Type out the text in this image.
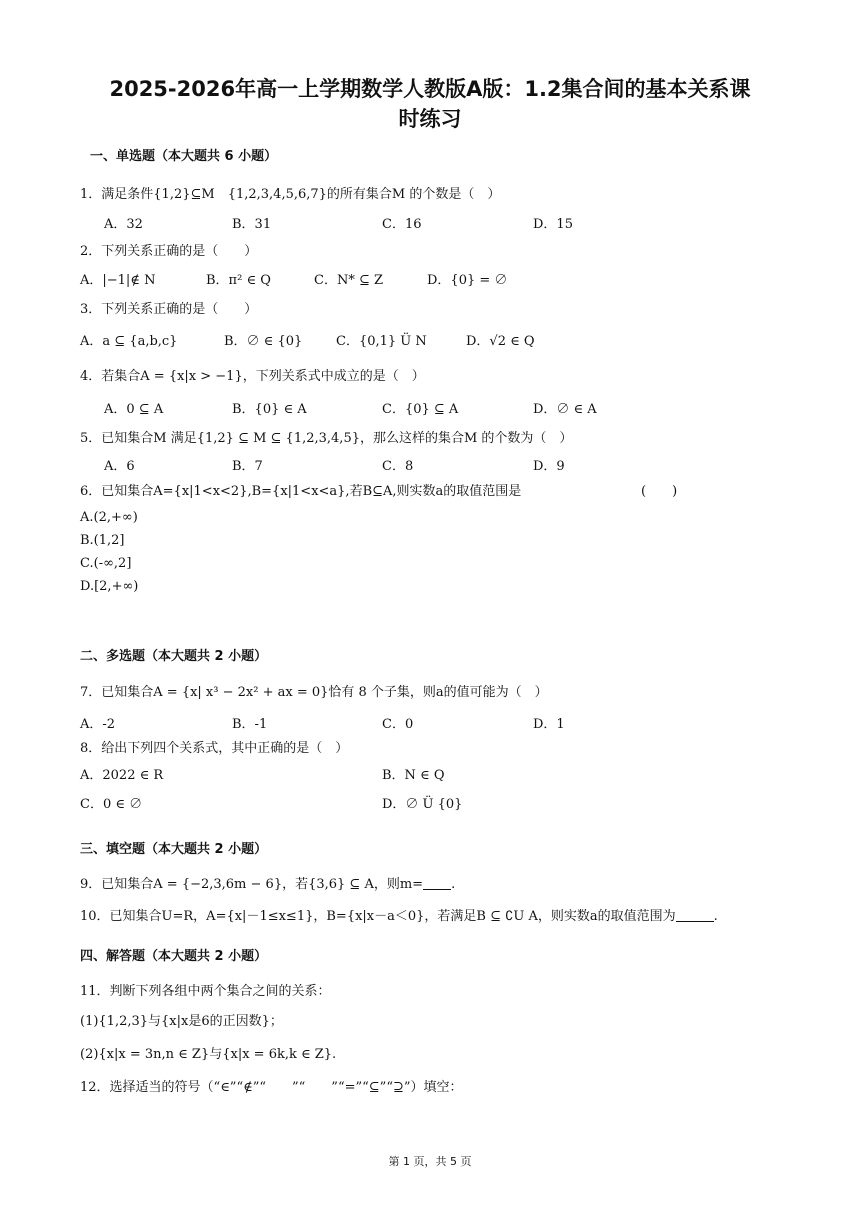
2025-2026年高一上学期数学人教版A版：1.2集合间的基本关系课
时练习
一、单选题（本大题共 6 小题）
1．满足条件{1,2}⊆M　{1,2,3,4,5,6,7}的所有集合M 的个数是（　）
A．32	B．31	C．16	D．15
2．下列关系正确的是（　　）
A．|−1|∉ N	B．π² ∈ Q	C．N* ⊆ Z	D．{0} = ∅
3．下列关系正确的是（　　）
A．a ⊆ {a,b,c}	B．∅ ∈ {0}	C．{0,1} Ü N	D．√2 ∈ Q
4．若集合A = {x|x > −1}，下列关系式中成立的是（　）
A．0 ⊆ A	B．{0} ∈ A	C．{0} ⊆ A	D．∅ ∈ A
5．已知集合M 满足{1,2} ⊆ M ⊆ {1,2,3,4,5}，那么这样的集合M 的个数为（　）
A．6	B．7	C．8	D．9
6．已知集合A={x|1<x<2},B={x|1<x<a},若B⊆A,则实数a的取值范围是	(　　)
A.(2,+∞)
B.(1,2]
C.(-∞,2]
D.[2,+∞)
二、多选题（本大题共 2 小题）
7．已知集合A = {x| x³ − 2x² + ax = 0}恰有 8 个子集，则a的值可能为（　）
A．-2	B．-1	C．0	D．1
8．给出下列四个关系式，其中正确的是（　）
A．2022 ∈ R	B．N ∈ Q
C．0 ∈ ∅	D．∅ Ü {0}
三、填空题（本大题共 2 小题）
9．已知集合A = {−2,3,6m − 6}，若{3,6} ⊆ A，则m= .
10．已知集合U=R，A={x|－1≤x≤1}，B={x|x－a＜0}，若满足B ⊆ ∁U A，则实数a的取值范围为	.
四、解答题（本大题共 2 小题）
11．判断下列各组中两个集合之间的关系：
(1){1,2,3}与{x|x是6的正因数}；
(2){x|x = 3n,n ∈ Z}与{x|x = 6k,k ∈ Z}.
12．选择适当的符号（“∈”“∉”“　　”“　　”“=”“⊆”“⊇”）填空：
第 1 页，共 5 页
